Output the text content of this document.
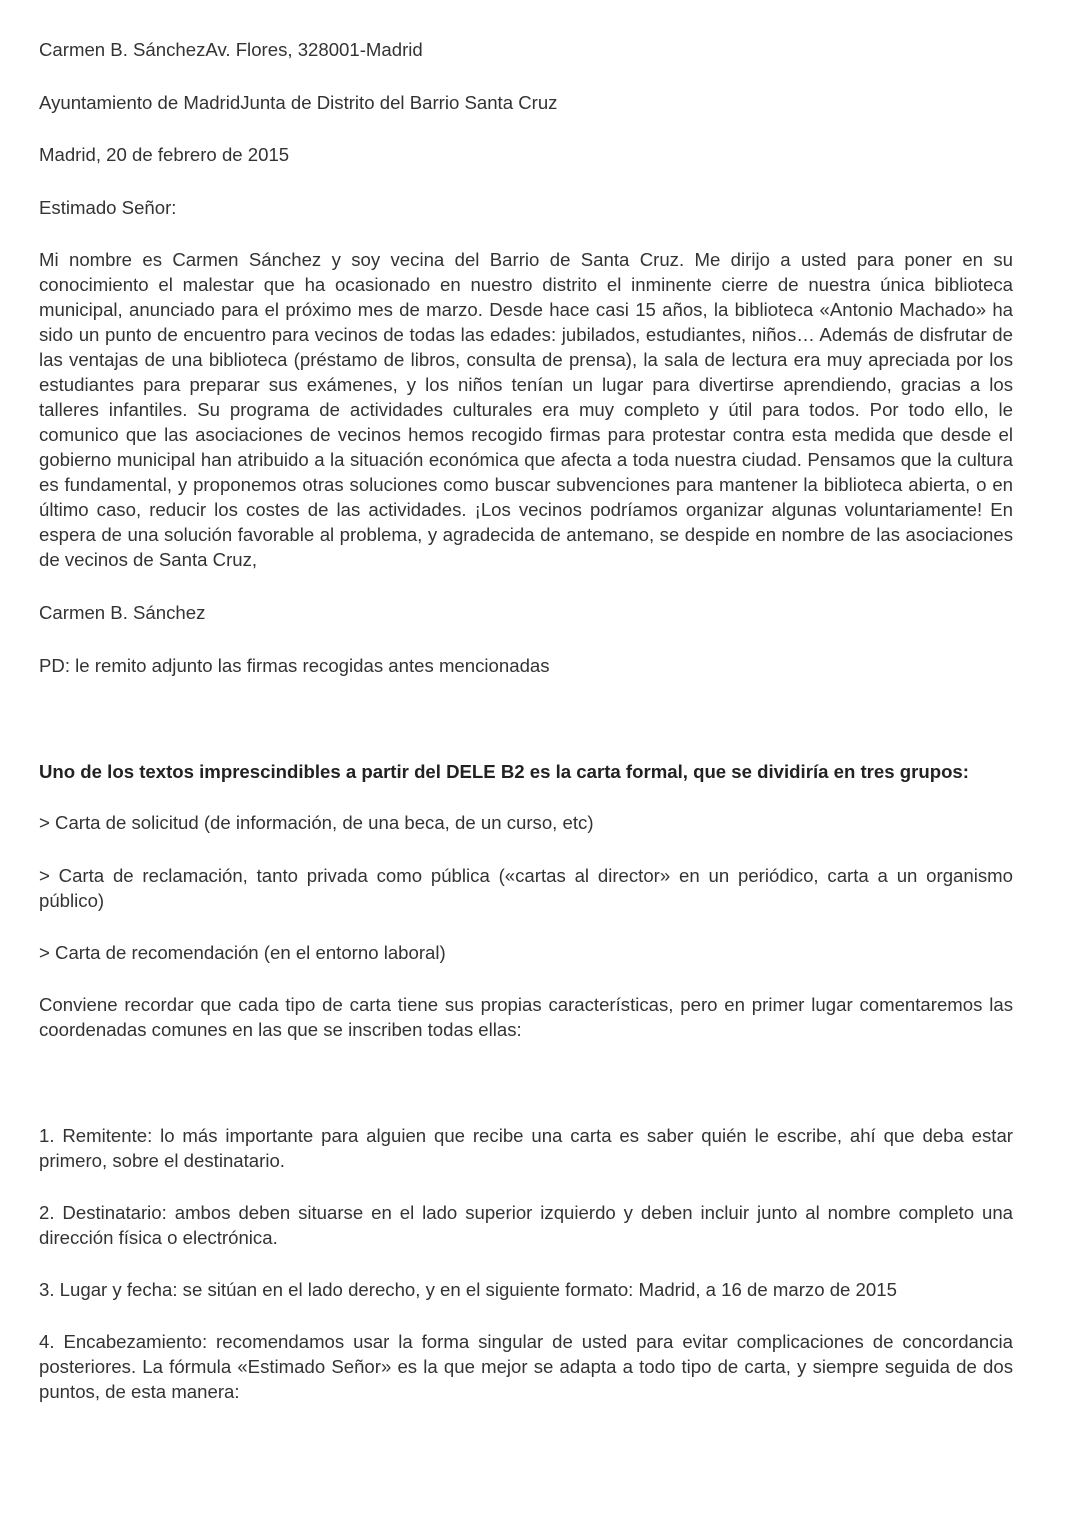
Carmen B. SánchezAv. Flores, 328001-Madrid
Ayuntamiento de MadridJunta de Distrito del Barrio Santa Cruz
Madrid, 20 de febrero de 2015
Estimado Señor:
Mi nombre es Carmen Sánchez y soy vecina del Barrio de Santa Cruz. Me dirijo a usted para poner en su conocimiento el malestar que ha ocasionado en nuestro distrito el inminente cierre de nuestra única biblioteca municipal, anunciado para el próximo mes de marzo. Desde hace casi 15 años, la biblioteca «Antonio Machado» ha sido un punto de encuentro para vecinos de todas las edades: jubilados, estudiantes, niños… Además de disfrutar de las ventajas de una biblioteca (préstamo de libros, consulta de prensa), la sala de lectura era muy apreciada por los estudiantes para preparar sus exámenes, y los niños tenían un lugar para divertirse aprendiendo, gracias a los talleres infantiles. Su programa de actividades culturales era muy completo y útil para todos. Por todo ello, le comunico que las asociaciones de vecinos hemos recogido firmas para protestar contra esta medida que desde el gobierno municipal han atribuido a la situación económica que afecta a toda nuestra ciudad. Pensamos que la cultura es fundamental, y proponemos otras soluciones como buscar subvenciones para mantener la biblioteca abierta, o en último caso, reducir los costes de las actividades. ¡Los vecinos podríamos organizar algunas voluntariamente! En espera de una solución favorable al problema, y agradecida de antemano, se despide en nombre de las asociaciones de vecinos de Santa Cruz,
Carmen B. Sánchez
PD: le remito adjunto las firmas recogidas antes mencionadas
Uno de los textos imprescindibles a partir del DELE B2 es la carta formal, que se dividiría en tres grupos:
> Carta de solicitud (de información, de una beca, de un curso, etc)
> Carta de reclamación, tanto privada como pública («cartas al director» en un periódico, carta a un organismo público)
> Carta de recomendación (en el entorno laboral)
Conviene recordar que cada tipo de carta tiene sus propias características, pero en primer lugar comentaremos las coordenadas comunes en las que se inscriben todas ellas:
1. Remitente: lo más importante para alguien que recibe una carta es saber quién le escribe, ahí que deba estar primero, sobre el destinatario.
2. Destinatario: ambos deben situarse en el lado superior izquierdo y deben incluir junto al nombre completo una dirección física o electrónica.
3. Lugar y fecha: se sitúan en el lado derecho, y en el siguiente formato: Madrid, a 16 de marzo de 2015
4. Encabezamiento: recomendamos usar la forma singular de usted para evitar complicaciones de concordancia posteriores. La fórmula «Estimado Señor» es la que mejor se adapta a todo tipo de carta, y siempre seguida de dos puntos, de esta manera:
